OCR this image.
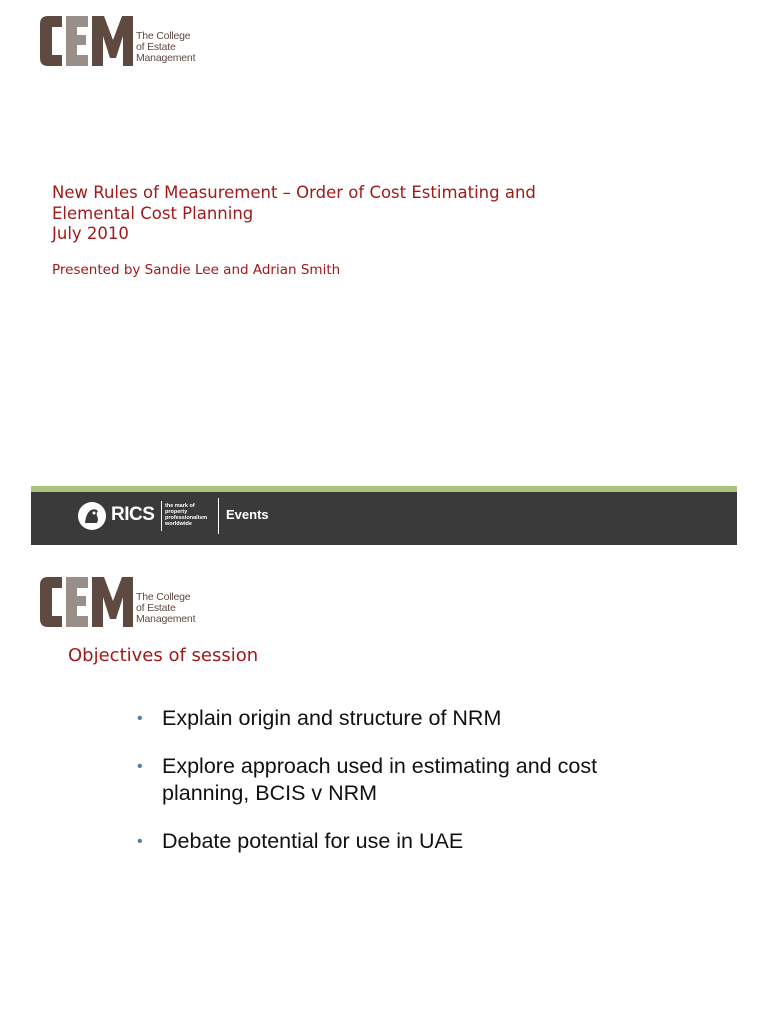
The College
of Estate
Management
New Rules of Measurement – Order of Cost Estimating and
Elemental Cost Planning
July 2010
Presented by Sandie Lee and Adrian Smith
RICS the mark of
property
professionalism
worldwide
Events
The College
of Estate
Management
Objectives of session
• Explain origin and structure of NRM
• Explore approach used in estimating and cost
planning, BCIS v NRM
• Debate potential for use in UAE
